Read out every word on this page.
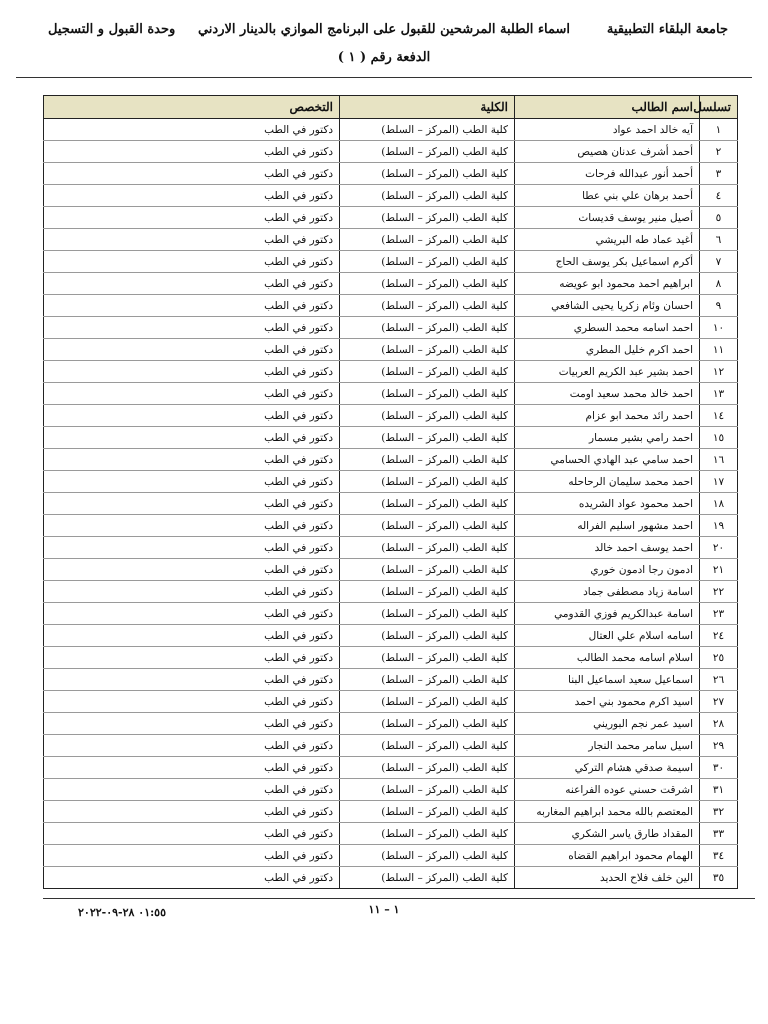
جامعة البلقاء التطبيقية
اسماء الطلبة المرشحين للقبول على البرنامج الموازي بالدينار الاردني
وحدة القبول و التسجيل
الدفعة رقم ( ١ )
تسلسل	اسم الطالب	الكلية	التخصص
١	آيه خالد احمد عواد	كلية الطب (المركز – السلط)	دكتور في الطب
٢	أحمد أشرف عدنان هصيص	كلية الطب (المركز – السلط)	دكتور في الطب
٣	أحمد أنور عبدالله فرحات	كلية الطب (المركز – السلط)	دكتور في الطب
٤	أحمد برهان علي بني عطا	كلية الطب (المركز – السلط)	دكتور في الطب
٥	أصيل منير يوسف قديسات	كلية الطب (المركز – السلط)	دكتور في الطب
٦	أغيد عماد طه البريشي	كلية الطب (المركز – السلط)	دكتور في الطب
٧	أكرم اسماعيل بكر يوسف الحاج	كلية الطب (المركز – السلط)	دكتور في الطب
٨	ابراهيم احمد محمود ابو عويضه	كلية الطب (المركز – السلط)	دكتور في الطب
٩	احسان وئام زكريا يحيى الشافعي	كلية الطب (المركز – السلط)	دكتور في الطب
١٠	احمد اسامه محمد السطري	كلية الطب (المركز – السلط)	دكتور في الطب
١١	احمد اكرم خليل المطري	كلية الطب (المركز – السلط)	دكتور في الطب
١٢	احمد بشير عبد الكريم العربيات	كلية الطب (المركز – السلط)	دكتور في الطب
١٣	احمد خالد محمد سعيد اومت	كلية الطب (المركز – السلط)	دكتور في الطب
١٤	احمد رائد محمد ابو عزام	كلية الطب (المركز – السلط)	دكتور في الطب
١٥	احمد رامي بشير مسمار	كلية الطب (المركز – السلط)	دكتور في الطب
١٦	احمد سامي عبد الهادي الحسامي	كلية الطب (المركز – السلط)	دكتور في الطب
١٧	احمد محمد سليمان الرحاحله	كلية الطب (المركز – السلط)	دكتور في الطب
١٨	احمد محمود عواد الشريده	كلية الطب (المركز – السلط)	دكتور في الطب
١٩	احمد مشهور اسليم الفراله	كلية الطب (المركز – السلط)	دكتور في الطب
٢٠	احمد يوسف احمد خالد	كلية الطب (المركز – السلط)	دكتور في الطب
٢١	ادمون رجا ادمون خوري	كلية الطب (المركز – السلط)	دكتور في الطب
٢٢	اسامة زياد مصطفى جماد	كلية الطب (المركز – السلط)	دكتور في الطب
٢٣	اسامة عبدالكريم فوزي القدومي	كلية الطب (المركز – السلط)	دكتور في الطب
٢٤	اسامه اسلام علي العتال	كلية الطب (المركز – السلط)	دكتور في الطب
٢٥	اسلام اسامه محمد الطالب	كلية الطب (المركز – السلط)	دكتور في الطب
٢٦	اسماعيل سعيد اسماعيل البنا	كلية الطب (المركز – السلط)	دكتور في الطب
٢٧	اسيد اكرم محمود بني احمد	كلية الطب (المركز – السلط)	دكتور في الطب
٢٨	اسيد عمر نجم البوريني	كلية الطب (المركز – السلط)	دكتور في الطب
٢٩	اسيل سامر محمد النجار	كلية الطب (المركز – السلط)	دكتور في الطب
٣٠	اسيمة صدقي هشام التركي	كلية الطب (المركز – السلط)	دكتور في الطب
٣١	اشرقت حسني عوده الفراعنه	كلية الطب (المركز – السلط)	دكتور في الطب
٣٢	المعتصم بالله محمد ابراهيم المغاربه	كلية الطب (المركز – السلط)	دكتور في الطب
٣٣	المقداد طارق ياسر الشكري	كلية الطب (المركز – السلط)	دكتور في الطب
٣٤	الهمام محمود ابراهيم القضاه	كلية الطب (المركز – السلط)	دكتور في الطب
٣٥	الين خلف فلاح الحديد	كلية الطب (المركز – السلط)	دكتور في الطب
١ – ١١
٠١:٥٥ ٢٨-٠٩-٢٠٢٢
